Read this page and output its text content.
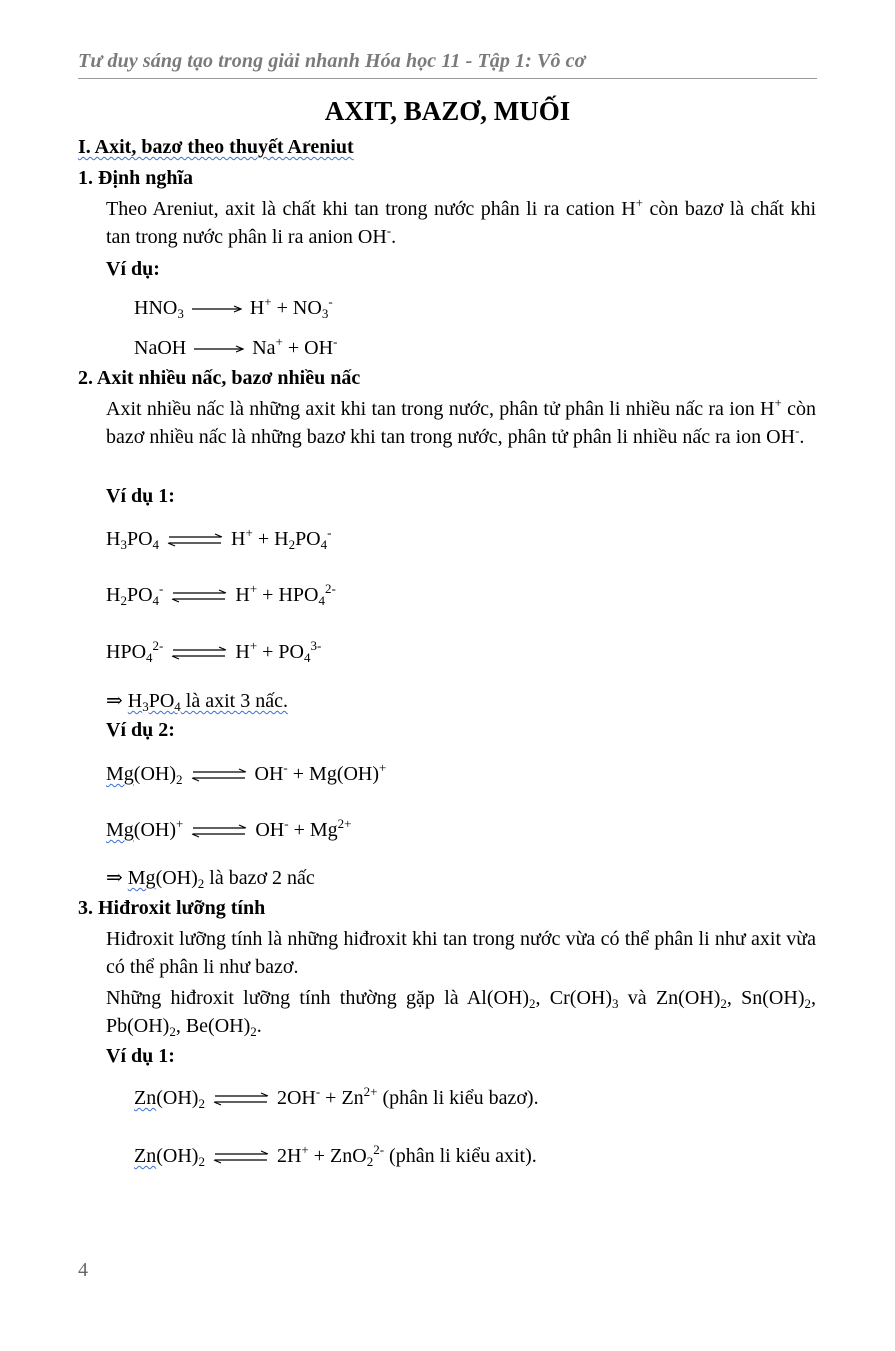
Tư duy sáng tạo trong giải nhanh Hóa học 11 - Tập 1: Vô cơ
AXIT, BAZƠ, MUỐI
I. Axit, bazơ theo thuyết Areniut
1. Định nghĩa
Theo Areniut, axit là chất khi tan trong nước phân li ra cation H+ còn bazơ là chất khi tan trong nước phân li ra anion OH-.
Ví dụ:
$HNO_3$	$H^+ + NO_3^-$
NaOH	Na+ + OH-
2. Axit nhiều nấc, bazơ nhiều nấc
Axit nhiều nấc là những axit khi tan trong nước, phân tử phân li nhiều nấc ra ion H+ còn bazơ nhiều nấc là những bazơ khi tan trong nước, phân tử phân li nhiều nấc ra ion OH-.
Ví dụ 1:
$H_3PO_4$ ⇌ $H^+ + H_2PO_4^-$
$H_2PO_4^-$ ⇌ $H^+ + HPO_4^{2-}$
$HPO_4^{2-}$ ⇌ $H^+ + PO_4^{3-}$
⇒ $H_3PO_4$ là axit 3 nấc.
Ví dụ 2:
$Mg(OH)_2$ ⇌ OH- + Mg(OH)+
Mg(OH)+ ⇌ $OH^- + Mg^{2+}$
⇒ $Mg(OH)_2$ là bazơ 2 nấc
3. Hiđroxit lưỡng tính
Hiđroxit lưỡng tính là những hiđroxit khi tan trong nước vừa có thể phân li như axit vừa có thể phân li như bazơ.
Những hiđroxit lưỡng tính thường gặp là $Al(OH)_2$, $Cr(OH)_3$ và $Zn(OH)_2$, $Sn(OH)_2$, $Pb(OH)_2$, $Be(OH)_2$.
Ví dụ 1:
$Zn(OH)_2$ ⇌ $2OH^- + Zn^{2+}$ (phân li kiểu bazơ).
$Zn(OH)_2$ ⇌ 2H+ + ZnO$_2^{2-}$ (phân li kiểu axit).
4
